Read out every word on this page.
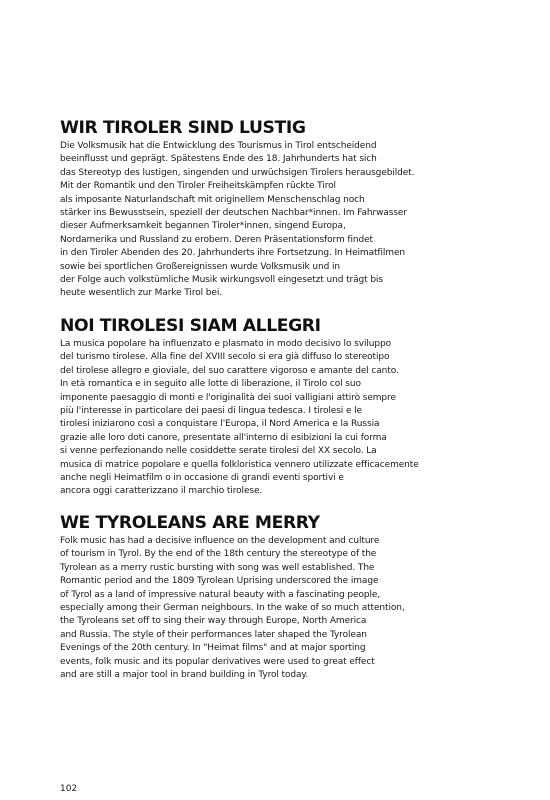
WIR TIROLER SIND LUSTIG
Die Volksmusik hat die Entwicklung des Tourismus in Tirol entscheidend
beeinflusst und geprägt. Spätestens Ende des 18. Jahrhunderts hat sich
das Stereotyp des lustigen, singenden und urwüchsigen Tirolers herausgebildet.
Mit der Romantik und den Tiroler Freiheitskämpfen rückte Tirol
als imposante Naturlandschaft mit originellem Menschenschlag noch
stärker ins Bewusstsein, speziell der deutschen Nachbar*innen. Im Fahrwasser
dieser Aufmerksamkeit begannen Tiroler*innen, singend Europa,
Nordamerika und Russland zu erobern. Deren Präsentationsform findet
in den Tiroler Abenden des 20. Jahrhunderts ihre Fortsetzung. In Heimatfilmen
sowie bei sportlichen Großereignissen wurde Volksmusik und in
der Folge auch volkstümliche Musik wirkungsvoll eingesetzt und trägt bis
heute wesentlich zur Marke Tirol bei.
NOI TIROLESI SIAM ALLEGRI
La musica popolare ha influenzato e plasmato in modo decisivo lo sviluppo
del turismo tirolese. Alla fine del XVIII secolo si era già diffuso lo stereotipo
del tirolese allegro e gioviale, del suo carattere vigoroso e amante del canto.
In età romantica e in seguito alle lotte di liberazione, il Tirolo col suo
imponente paesaggio di monti e l'originalità dei suoi valligiani attirò sempre
più l'interesse in particolare dei paesi di lingua tedesca. I tirolesi e le
tirolesi iniziarono così a conquistare l'Europa, il Nord America e la Russia
grazie alle loro doti canore, presentate all'interno di esibizioni la cui forma
si venne perfezionando nelle cosiddette serate tirolesi del XX secolo. La
musica di matrice popolare e quella folkloristica vennero utilizzate efficacemente
anche negli Heimatfilm o in occasione di grandi eventi sportivi e
ancora oggi caratterizzano il marchio tirolese.
WE TYROLEANS ARE MERRY
Folk music has had a decisive influence on the development and culture
of tourism in Tyrol. By the end of the 18th century the stereotype of the
Tyrolean as a merry rustic bursting with song was well established. The
Romantic period and the 1809 Tyrolean Uprising underscored the image
of Tyrol as a land of impressive natural beauty with a fascinating people,
especially among their German neighbours. In the wake of so much attention,
the Tyroleans set off to sing their way through Europe, North America
and Russia. The style of their performances later shaped the Tyrolean
Evenings of the 20th century. In "Heimat films" and at major sporting
events, folk music and its popular derivatives were used to great effect
and are still a major tool in brand building in Tyrol today.
102
